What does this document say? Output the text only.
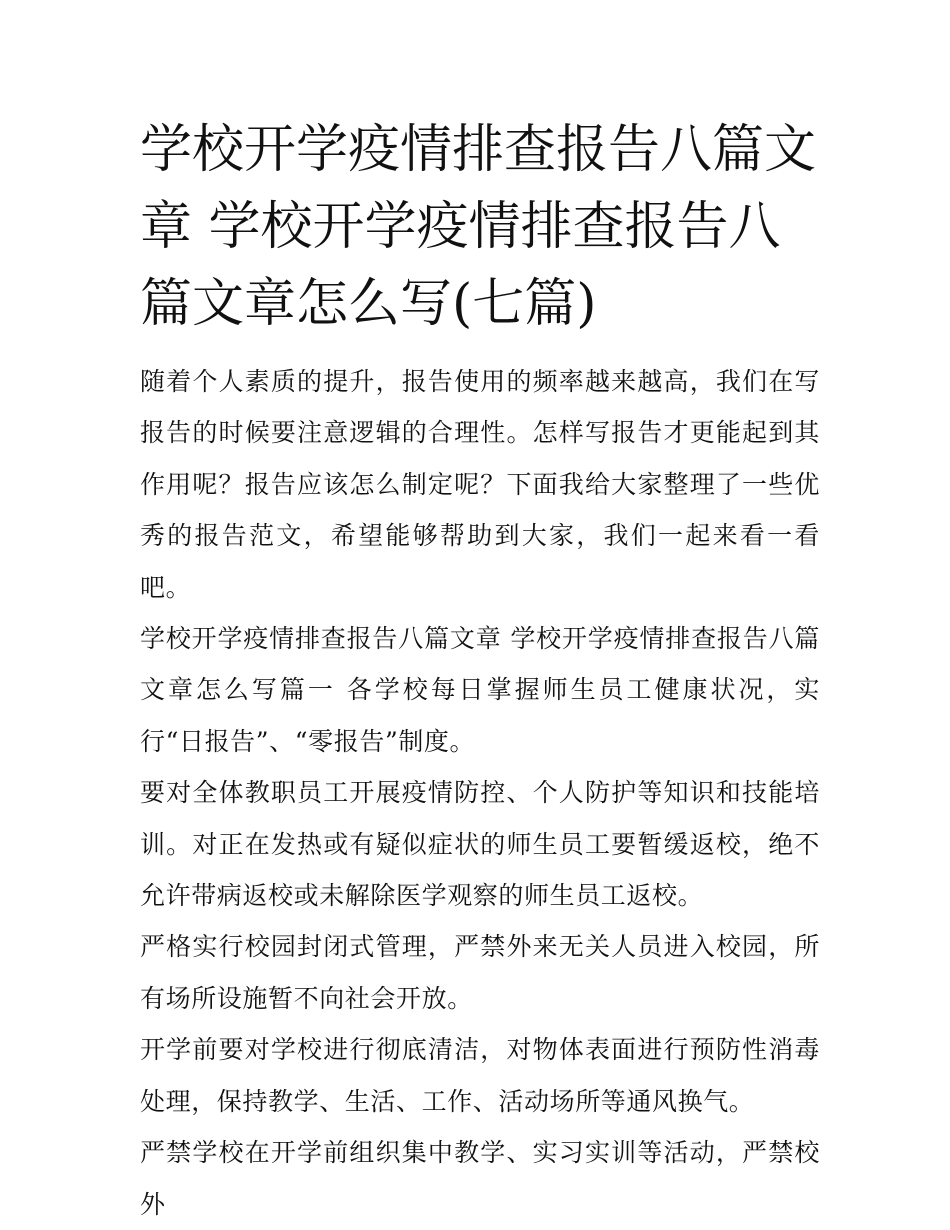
学校开学疫情排查报告八篇文章 学校开学疫情排查报告八篇文章怎么写(七篇)

随着个人素质的提升，报告使用的频率越来越高，我们在写报告的时候要注意逻辑的合理性。怎样写报告才更能起到其作用呢？报告应该怎么制定呢？下面我给大家整理了一些优秀的报告范文，希望能够帮助到大家，我们一起来看一看吧。

学校开学疫情排查报告八篇文章 学校开学疫情排查报告八篇文章怎么写篇一 各学校每日掌握师生员工健康状况，实行“日报告”、“零报告”制度。

要对全体教职员工开展疫情防控、个人防护等知识和技能培训。对正在发热或有疑似症状的师生员工要暂缓返校，绝不允许带病返校或未解除医学观察的师生员工返校。

严格实行校园封闭式管理，严禁外来无关人员进入校园，所有场所设施暂不向社会开放。

开学前要对学校进行彻底清洁，对物体表面进行预防性消毒处理，保持教学、生活、工作、活动场所等通风换气。

严禁学校在开学前组织集中教学、实习实训等活动，严禁校外
